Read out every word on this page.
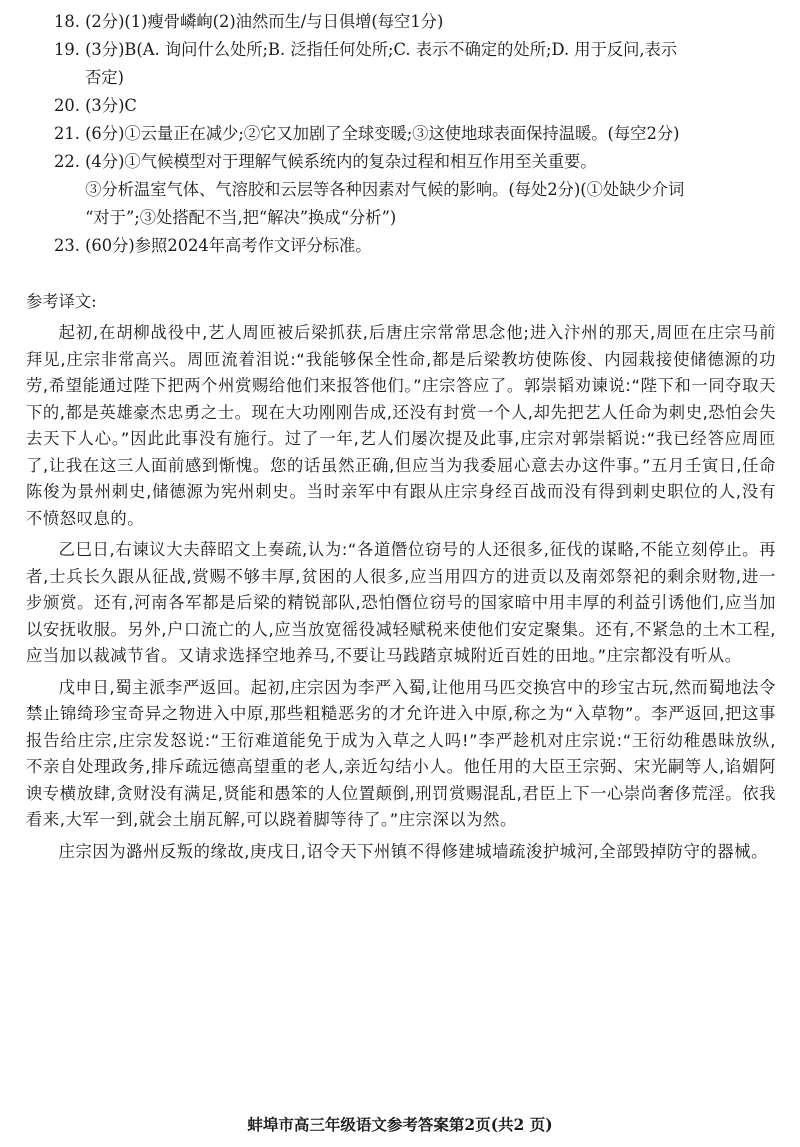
18. (2分)(1)瘦骨嶙峋(2)油然而生/与日俱增(每空1分)
19. (3分)B(A. 询问什么处所;B. 泛指任何处所;C. 表示不确定的处所;D. 用于反问,表示
否定)
20. (3分)C
21. (6分)①云量正在减少;②它又加剧了全球变暖;③这使地球表面保持温暖。(每空2分)
22. (4分)①气候模型对于理解气候系统内的复杂过程和相互作用至关重要。
③分析温室气体、气溶胶和云层等各种因素对气候的影响。(每处2分)(①处缺少介词
“对于”;③处搭配不当,把“解决”换成“分析”)
23. (60分)参照2024年高考作文评分标准。
参考译文:

起初,在胡柳战役中,艺人周匝被后梁抓获,后唐庄宗常常思念他;进入汴州的那天,周匝在庄宗马前拜见,庄宗非常高兴。周匝流着泪说:“我能够保全性命,都是后梁教坊使陈俊、内园栽接使储德源的功劳,希望能通过陛下把两个州赏赐给他们来报答他们。”庄宗答应了。郭崇韬劝谏说:“陛下和一同夺取天下的,都是英雄豪杰忠勇之士。现在大功刚刚告成,还没有封赏一个人,却先把艺人任命为刺史,恐怕会失去天下人心。”因此此事没有施行。过了一年,艺人们屡次提及此事,庄宗对郭崇韬说:“我已经答应周匝了,让我在这三人面前感到惭愧。您的话虽然正确,但应当为我委屈心意去办这件事。”五月壬寅日,任命陈俊为景州刺史,储德源为宪州刺史。当时亲军中有跟从庄宗身经百战而没有得到刺史职位的人,没有不愤怒叹息的。

乙巳日,右谏议大夫薛昭文上奏疏,认为:“各道僭位窃号的人还很多,征伐的谋略,不能立刻停止。再者,士兵长久跟从征战,赏赐不够丰厚,贫困的人很多,应当用四方的进贡以及南郊祭祀的剩余财物,进一步颁赏。还有,河南各军都是后梁的精锐部队,恐怕僭位窃号的国家暗中用丰厚的利益引诱他们,应当加以安抚收服。另外,户口流亡的人,应当放宽徭役减轻赋税来使他们安定聚集。还有,不紧急的土木工程,应当加以裁减节省。又请求选择空地养马,不要让马践踏京城附近百姓的田地。”庄宗都没有听从。

戊申日,蜀主派李严返回。起初,庄宗因为李严入蜀,让他用马匹交换宫中的珍宝古玩,然而蜀地法令禁止锦绮珍宝奇异之物进入中原,那些粗糙恶劣的才允许进入中原,称之为“入草物”。李严返回,把这事报告给庄宗,庄宗发怒说:“王衍难道能免于成为入草之人吗!”李严趁机对庄宗说:“王衍幼稚愚昧放纵,不亲自处理政务,排斥疏远德高望重的老人,亲近勾结小人。他任用的大臣王宗弼、宋光嗣等人,谄媚阿谀专横放肆,贪财没有满足,贤能和愚笨的人位置颠倒,刑罚赏赐混乱,君臣上下一心崇尚奢侈荒淫。依我看来,大军一到,就会土崩瓦解,可以跷着脚等待了。”庄宗深以为然。

庄宗因为潞州反叛的缘故,庚戌日,诏令天下州镇不得修建城墙疏浚护城河,全部毁掉防守的器械。

蚌埠市高三年级语文参考答案第2页(共2 页)
